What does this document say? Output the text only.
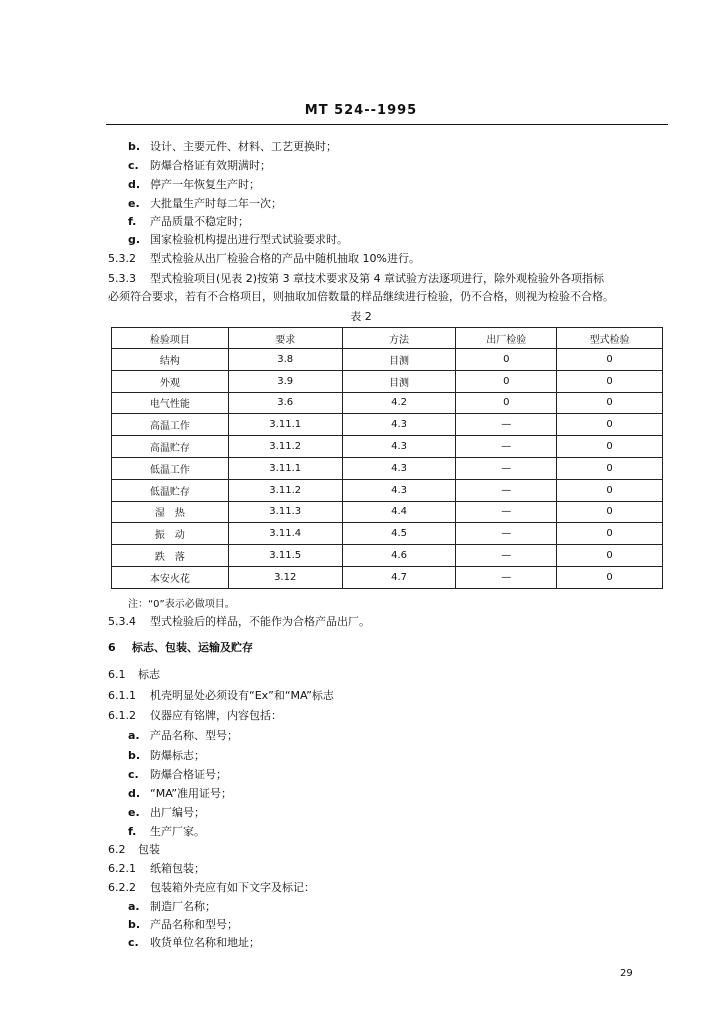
MT 524--1995
b. 设计、主要元件、材料、工艺更换时；
c. 防爆合格证有效期满时；
d. 停产一年恢复生产时；
e. 大批量生产时每二年一次；
f. 产品质量不稳定时；
g. 国家检验机构提出进行型式试验要求时。
5.3.2 型式检验从出厂检验合格的产品中随机抽取 10%进行。
5.3.3 型式检验项目(见表 2)按第 3 章技术要求及第 4 章试验方法逐项进行，除外观检验外各项指标
必须符合要求，若有不合格项目，则抽取加倍数量的样品继续进行检验，仍不合格，则视为检验不合格。
表 2
检验项目	要求	方法	出厂检验	型式检验
结构	3.8	目测	0	0
外观	3.9	目测	0	0
电气性能	3.6	4.2	0	0
高温工作	3.11.1	4.3	—	0
高温贮存	3.11.2	4.3	—	0
低温工作	3.11.1	4.3	—	0
低温贮存	3.11.2	4.3	—	0
湿　热	3.11.3	4.4	—	0
振　动	3.11.4	4.5	—	0
跌　落	3.11.5	4.6	—	0
本安火花	3.12	4.7	—	0
注：“0”表示必做项目。
5.3.4 型式检验后的样品，不能作为合格产品出厂。
6 标志、包装、运输及贮存
6.1 标志
6.1.1 机壳明显处必须设有“Ex”和“MA”标志
6.1.2 仪器应有铭牌，内容包括：
a. 产品名称、型号；
b. 防爆标志；
c. 防爆合格证号；
d. “MA”准用证号；
e. 出厂编号；
f. 生产厂家。
6.2 包装
6.2.1 纸箱包装；
6.2.2 包装箱外壳应有如下文字及标记：
a. 制造厂名称；
b. 产品名称和型号；
c. 收货单位名称和地址；
29
